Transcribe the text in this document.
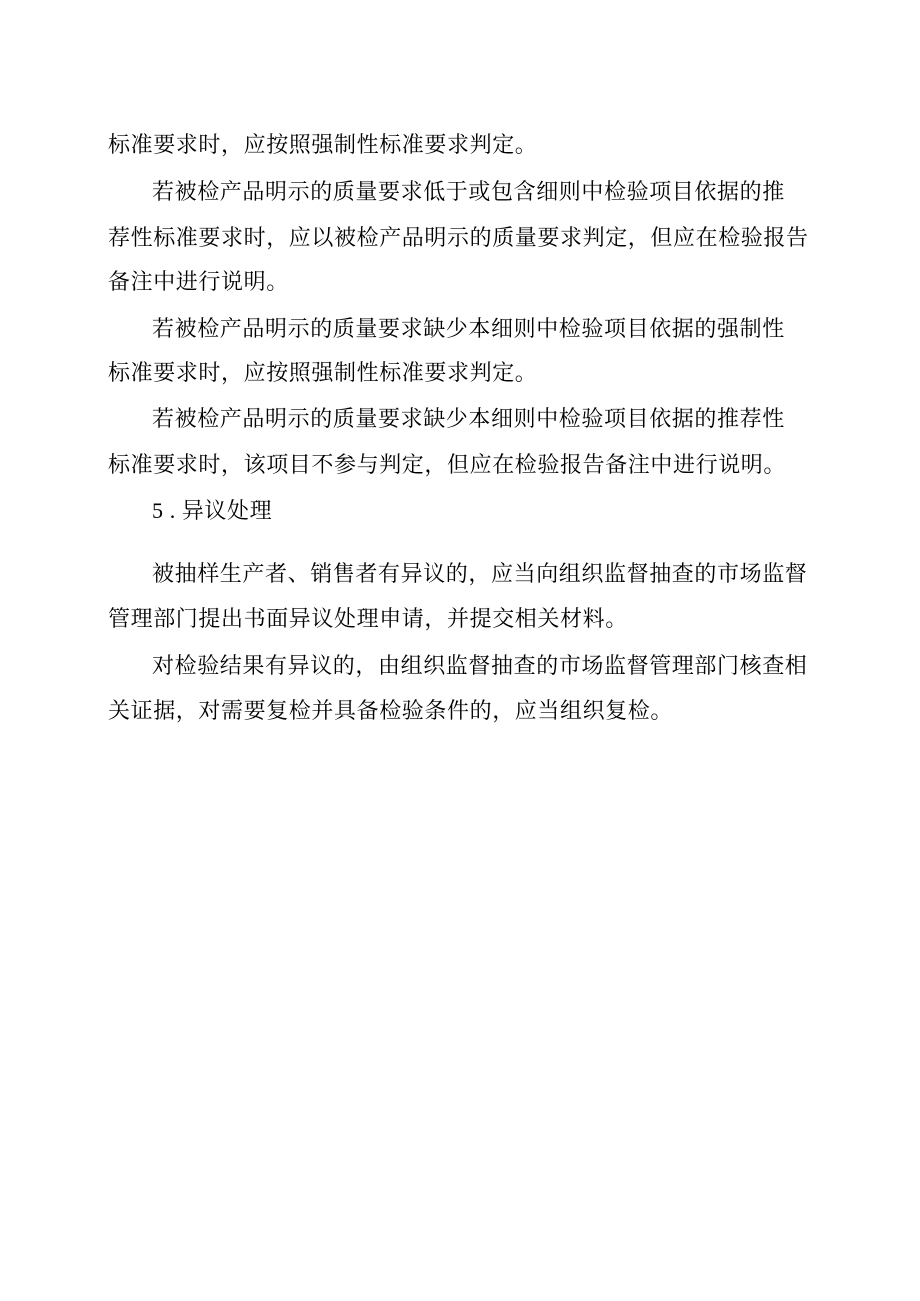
标准要求时，应按照强制性标准要求判定。
若被检产品明示的质量要求低于或包含细则中检验项目依据的推
荐性标准要求时，应以被检产品明示的质量要求判定，但应在检验报告
备注中进行说明。
若被检产品明示的质量要求缺少本细则中检验项目依据的强制性
标准要求时，应按照强制性标准要求判定。
若被检产品明示的质量要求缺少本细则中检验项目依据的推荐性
标准要求时，该项目不参与判定，但应在检验报告备注中进行说明。
5 . 异议处理
被抽样生产者、销售者有异议的，应当向组织监督抽查的市场监督
管理部门提出书面异议处理申请，并提交相关材料。
对检验结果有异议的，由组织监督抽查的市场监督管理部门核查相
关证据，对需要复检并具备检验条件的，应当组织复检。
